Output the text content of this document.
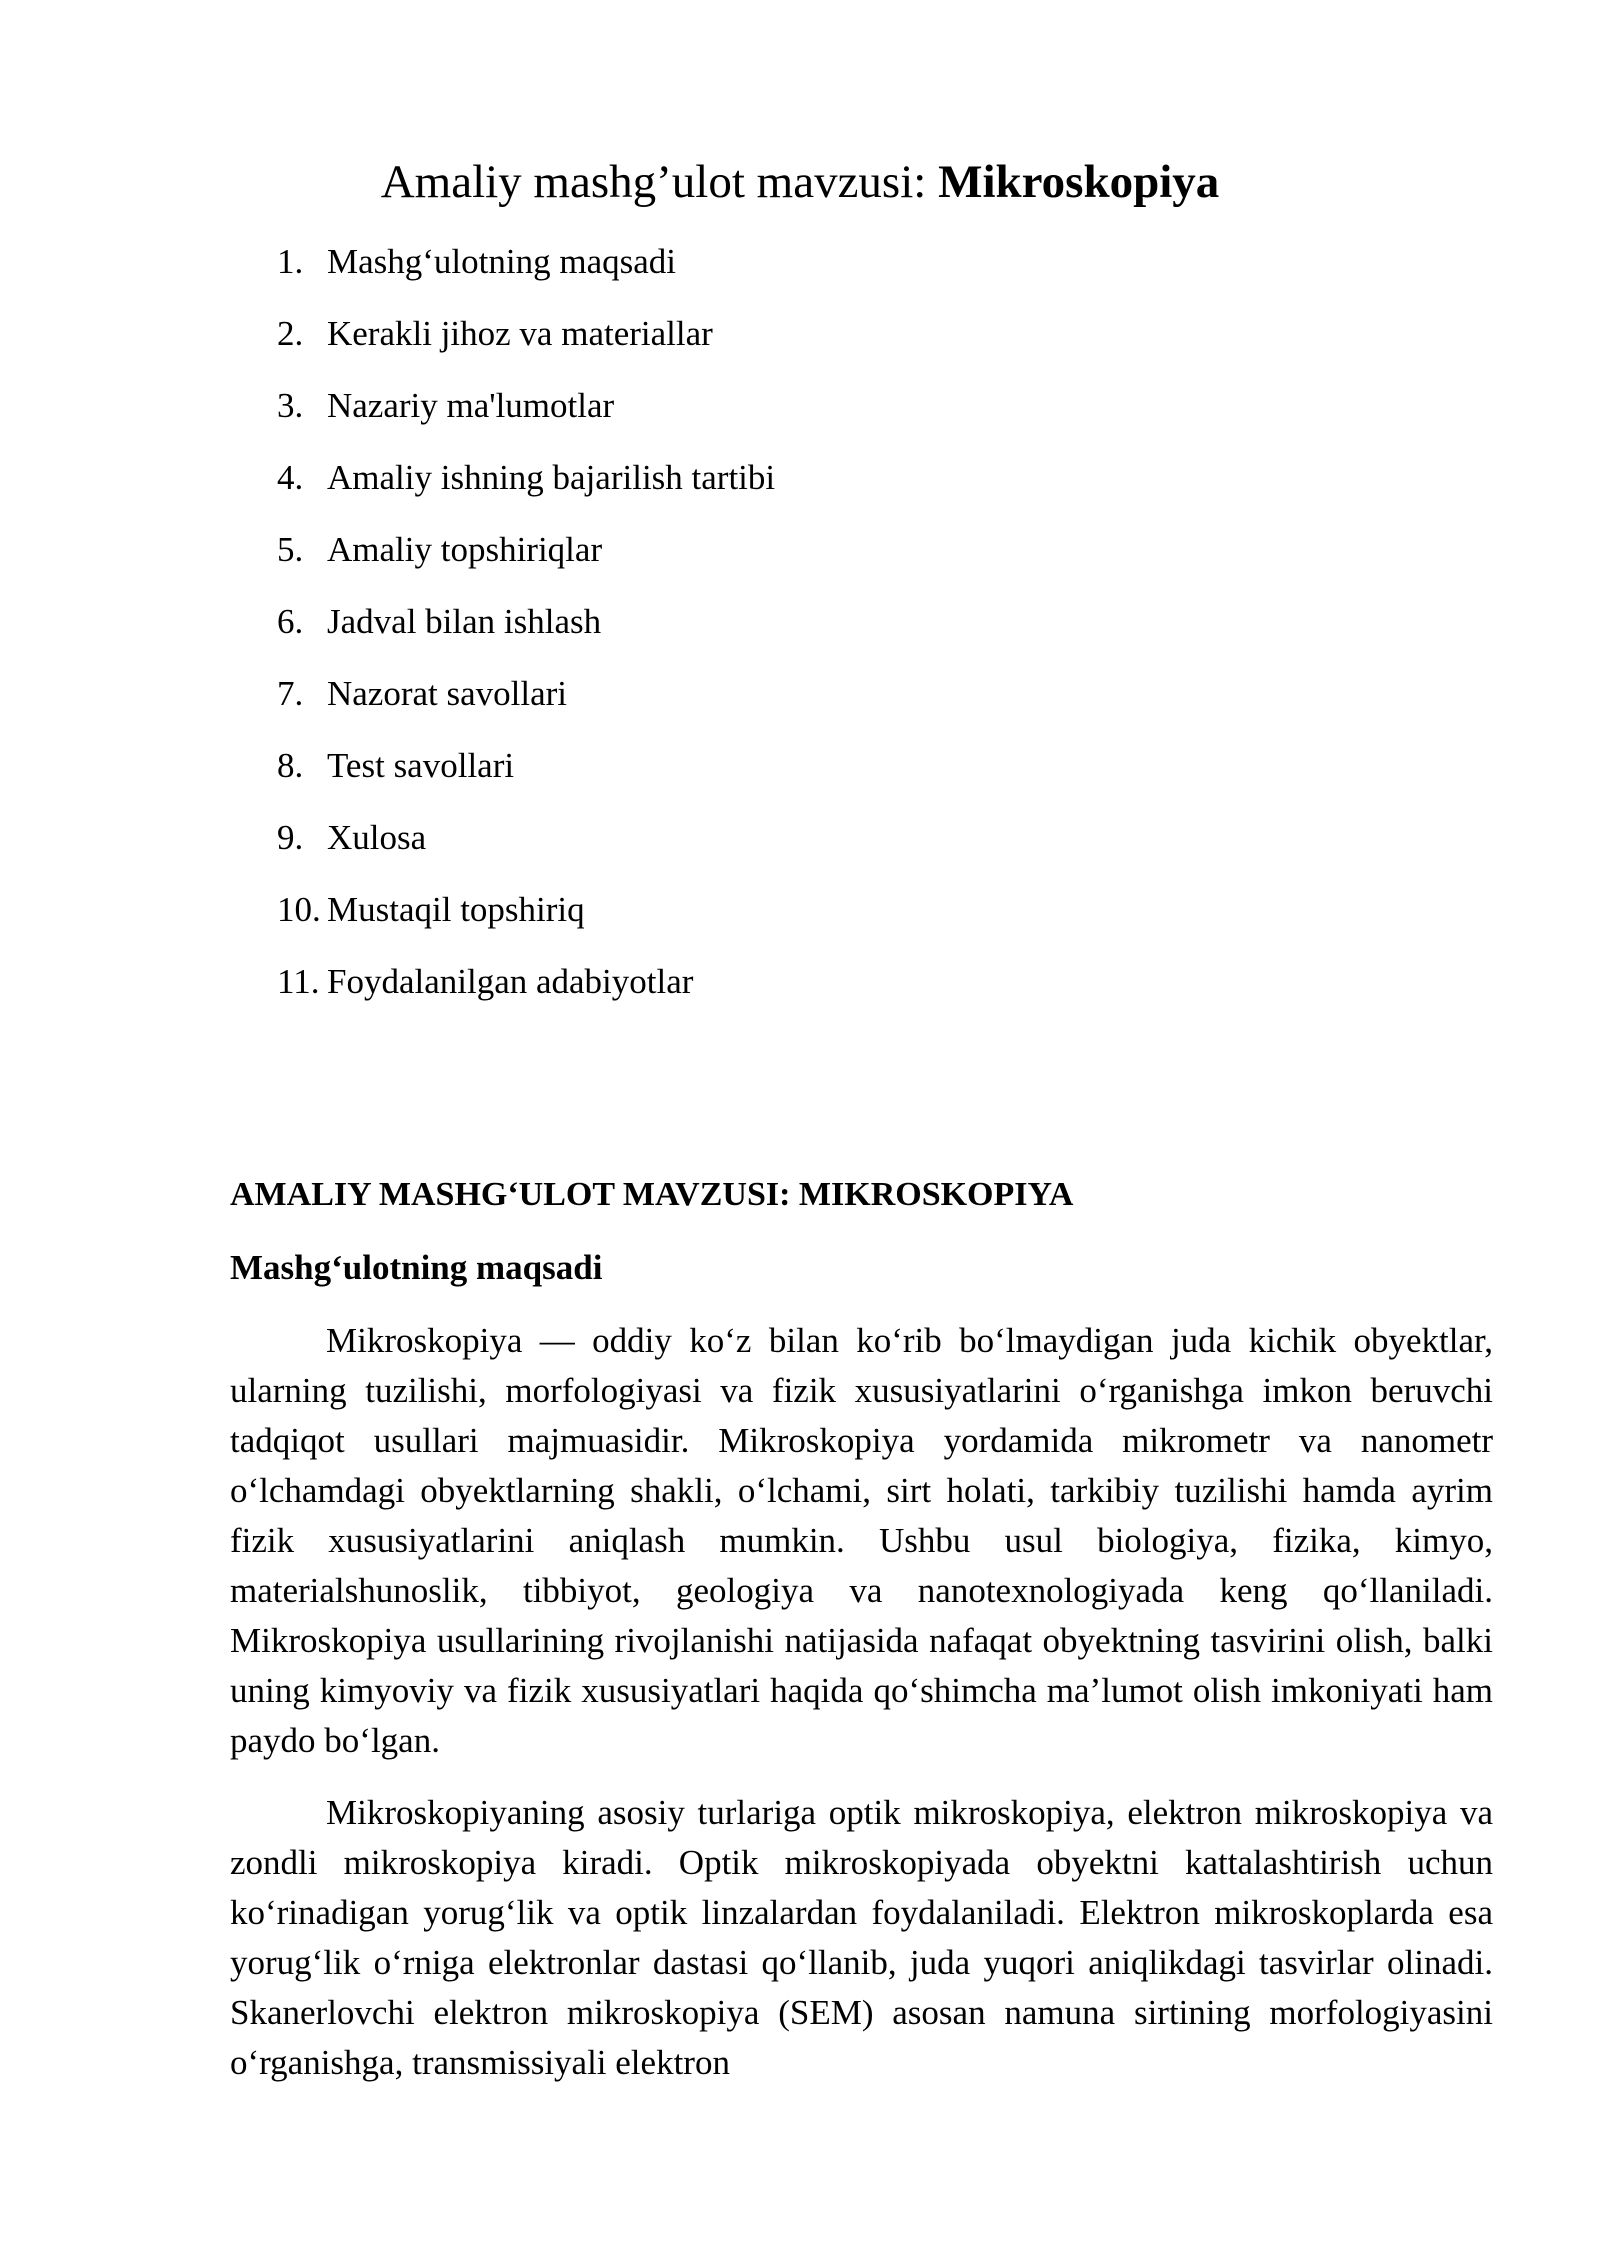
Amaliy mashg’ulot mavzusi: Mikroskopiya
1. Mashg‘ulotning maqsadi
2. Kerakli jihoz va materiallar
3. Nazariy ma'lumotlar
4. Amaliy ishning bajarilish tartibi
5. Amaliy topshiriqlar
6. Jadval bilan ishlash
7. Nazorat savollari
8. Test savollari
9. Xulosa
10. Mustaqil topshiriq
11. Foydalanilgan adabiyotlar
AMALIY MASHG‘ULOT MAVZUSI: MIKROSKOPIYA
Mashg‘ulotning maqsadi

Mikroskopiya — oddiy ko‘z bilan ko‘rib bo‘lmaydigan juda kichik obyektlar, ularning tuzilishi, morfologiyasi va fizik xususiyatlarini o‘rganishga imkon beruvchi tadqiqot usullari majmuasidir. Mikroskopiya yordamida mikrometr va nanometr o‘lchamdagi obyektlarning shakli, o‘lchami, sirt holati, tarkibiy tuzilishi hamda ayrim fizik xususiyatlarini aniqlash mumkin. Ushbu usul biologiya, fizika, kimyo, materialshunoslik, tibbiyot, geologiya va nanotexnologiyada keng qo‘llaniladi. Mikroskopiya usullarining rivojlanishi natijasida nafaqat obyektning tasvirini olish, balki uning kimyoviy va fizik xususiyatlari haqida qo‘shimcha ma’lumot olish imkoniyati ham paydo bo‘lgan.

Mikroskopiyaning asosiy turlariga optik mikroskopiya, elektron mikroskopiya va zondli mikroskopiya kiradi. Optik mikroskopiyada obyektni kattalashtirish uchun ko‘rinadigan yorug‘lik va optik linzalardan foydalaniladi. Elektron mikroskoplarda esa yorug‘lik o‘rniga elektronlar dastasi qo‘llanib, juda yuqori aniqlikdagi tasvirlar olinadi. Skanerlovchi elektron mikroskopiya (SEM) asosan namuna sirtining morfologiyasini o‘rganishga, transmissiyali elektron
